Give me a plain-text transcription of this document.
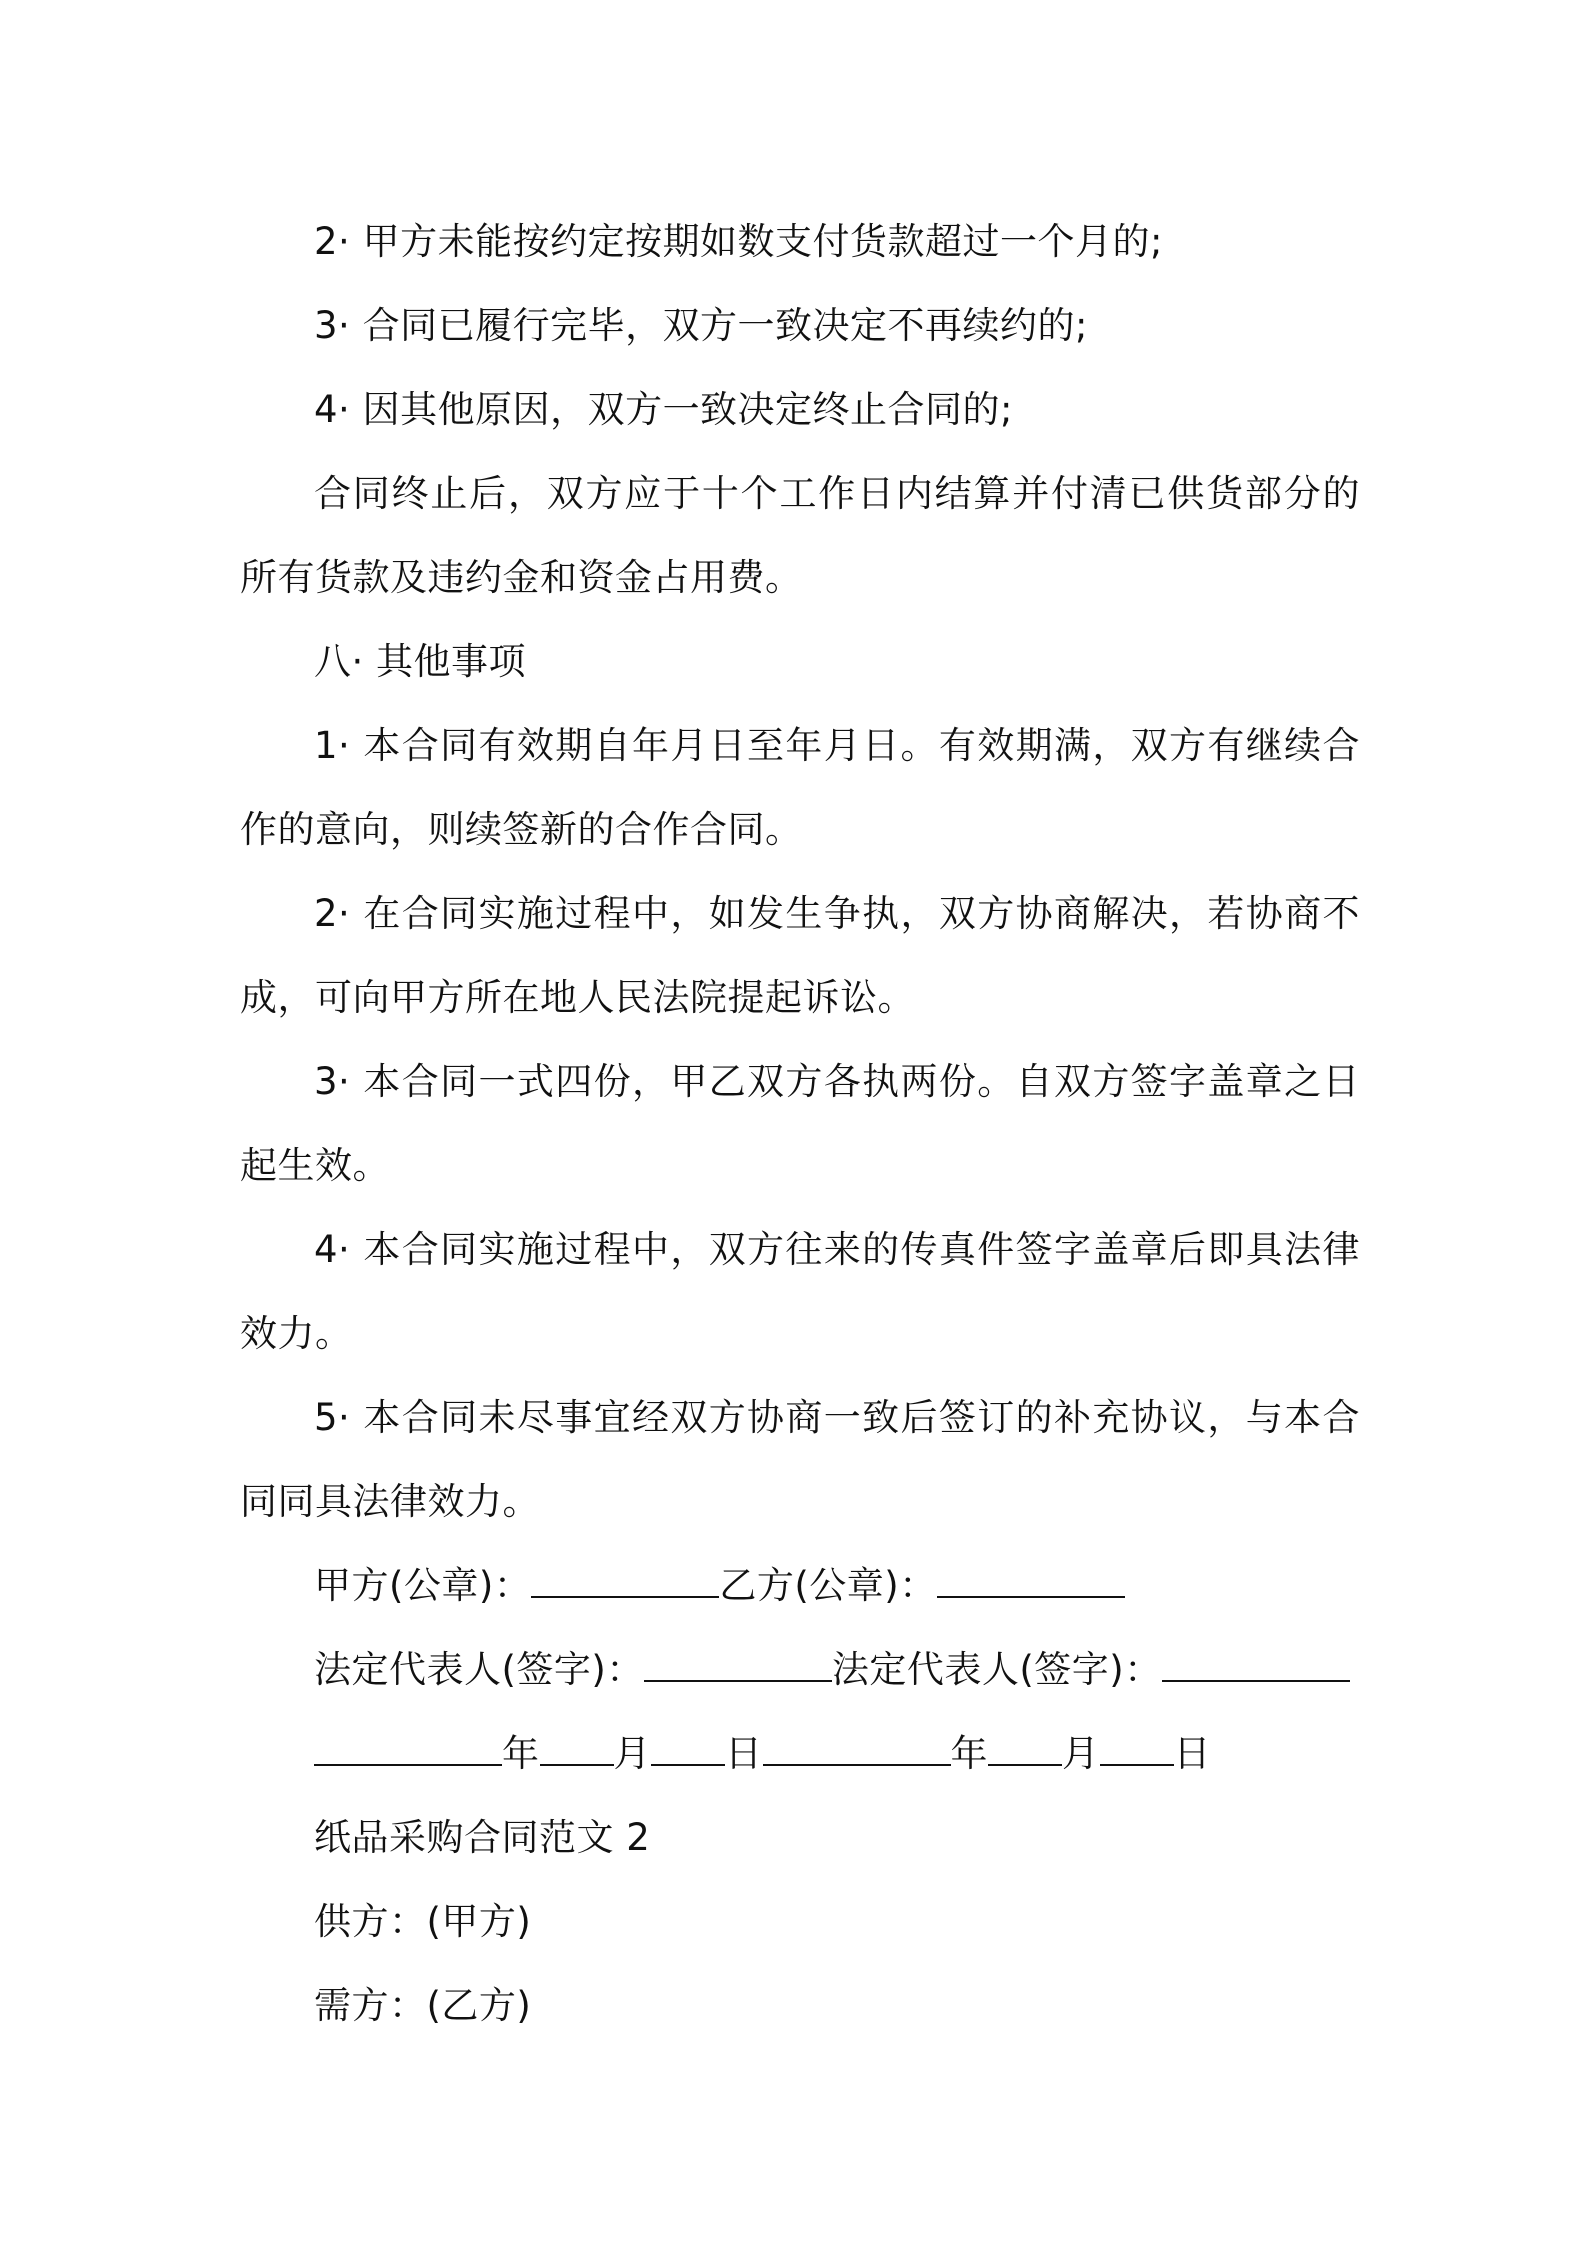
2· 甲方未能按约定按期如数支付货款超过一个月的;

3· 合同已履行完毕，双方一致决定不再续约的;

4· 因其他原因，双方一致决定终止合同的;

合同终止后，双方应于十个工作日内结算并付清已供货部分的所有货款及违约金和资金占用费。

八· 其他事项

1· 本合同有效期自年月日至年月日。有效期满，双方有继续合作的意向，则续签新的合作合同。

2· 在合同实施过程中，如发生争执，双方协商解决，若协商不成，可向甲方所在地人民法院提起诉讼。

3· 本合同一式四份，甲乙双方各执两份。自双方签字盖章之日起生效。

4· 本合同实施过程中，双方往来的传真件签字盖章后即具法律效力。

5· 本合同未尽事宜经双方协商一致后签订的补充协议，与本合同同具法律效力。

甲方(公章)：	乙方(公章)：

法定代表人(签字)：	法定代表人(签字)：

年 月 日	年 月 日

纸品采购合同范文 2

供方：(甲方)

需方：(乙方)
